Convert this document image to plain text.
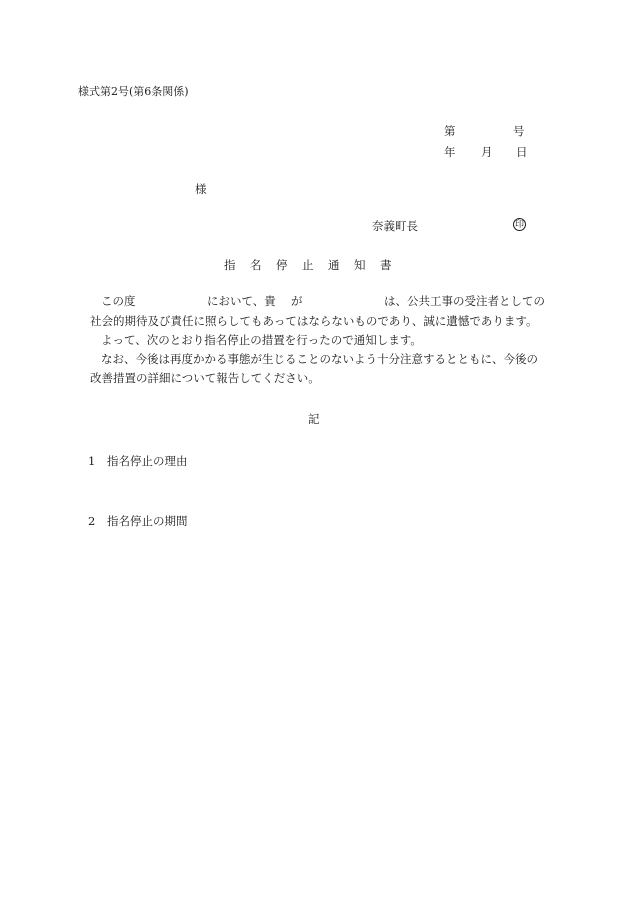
様式第2号(第6条関係)
第	号
年 月 日
様
奈義町長	印
指名停止通知書
この度	において、貴 が	は、公共工事の受注者としての
社会的期待及び責任に照らしてもあってはならないものであり、誠に遺憾であります。
よって、次のとおり指名停止の措置を行ったので通知します。
なお、今後は再度かかる事態が生じることのないよう十分注意するとともに、今後の
改善措置の詳細について報告してください。
記
1 指名停止の理由
2 指名停止の期間
